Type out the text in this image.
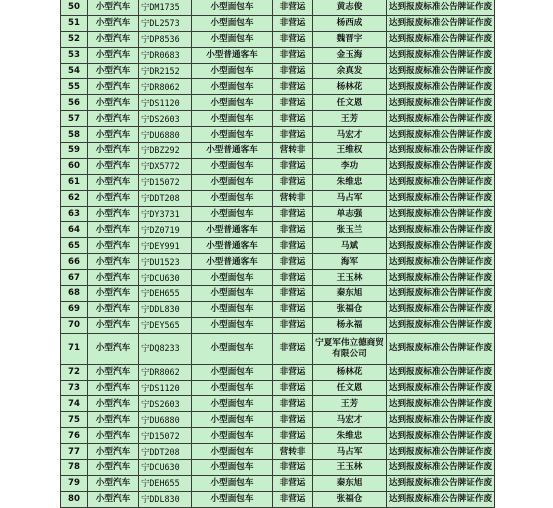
50	小型汽车	宁DM1735	小型面包车	非营运	黄志俊	达到报废标准公告牌证作废
51	小型汽车	宁DL2573	小型面包车	非营运	杨西成	达到报废标准公告牌证作废
52	小型汽车	宁DP8536	小型面包车	非营运	魏晋宇	达到报废标准公告牌证作废
53	小型汽车	宁DR0683	小型普通客车	非营运	金玉海	达到报废标准公告牌证作废
54	小型汽车	宁DR2152	小型面包车	非营运	余真发	达到报废标准公告牌证作废
55	小型汽车	宁DR8062	小型面包车	非营运	杨林花	达到报废标准公告牌证作废
56	小型汽车	宁DS1120	小型面包车	非营运	任文恩	达到报废标准公告牌证作废
57	小型汽车	宁DS2603	小型面包车	非营运	王芳	达到报废标准公告牌证作废
58	小型汽车	宁DU6880	小型面包车	非营运	马宏才	达到报废标准公告牌证作废
59	小型汽车	宁DBZ292	小型普通客车	营转非	王维权	达到报废标准公告牌证作废
60	小型汽车	宁DX5772	小型面包车	非营运	李功	达到报废标准公告牌证作废
61	小型汽车	宁D15072	小型面包车	非营运	朱维忠	达到报废标准公告牌证作废
62	小型汽车	宁DDT208	小型面包车	营转非	马占军	达到报废标准公告牌证作废
63	小型汽车	宁DY3731	小型面包车	非营运	单志强	达到报废标准公告牌证作废
64	小型汽车	宁DZ0719	小型普通客车	非营运	张玉兰	达到报废标准公告牌证作废
65	小型汽车	宁DEY991	小型普通客车	非营运	马斌	达到报废标准公告牌证作废
66	小型汽车	宁DU1523	小型普通客车	非营运	海军	达到报废标准公告牌证作废
67	小型汽车	宁DCU630	小型面包车	非营运	王玉林	达到报废标准公告牌证作废
68	小型汽车	宁DEH655	小型面包车	非营运	秦东旭	达到报废标准公告牌证作废
69	小型汽车	宁DDL830	小型面包车	非营运	张福仓	达到报废标准公告牌证作废
70	小型汽车	宁DEY565	小型面包车	非营运	杨永福	达到报废标准公告牌证作废
71	小型汽车	宁DQ8233	小型面包车	非营运	宁夏军伟立德商贸有限公司	达到报废标准公告牌证作废
72	小型汽车	宁DR8062	小型面包车	非营运	杨林花	达到报废标准公告牌证作废
73	小型汽车	宁DS1120	小型面包车	非营运	任文恩	达到报废标准公告牌证作废
74	小型汽车	宁DS2603	小型面包车	非营运	王芳	达到报废标准公告牌证作废
75	小型汽车	宁DU6880	小型面包车	非营运	马宏才	达到报废标准公告牌证作废
76	小型汽车	宁D15072	小型面包车	非营运	朱维忠	达到报废标准公告牌证作废
77	小型汽车	宁DDT208	小型面包车	营转非	马占军	达到报废标准公告牌证作废
78	小型汽车	宁DCU630	小型面包车	非营运	王玉林	达到报废标准公告牌证作废
79	小型汽车	宁DEH655	小型面包车	非营运	秦东旭	达到报废标准公告牌证作废
80	小型汽车	宁DDL830	小型面包车	非营运	张福仓	达到报废标准公告牌证作废
